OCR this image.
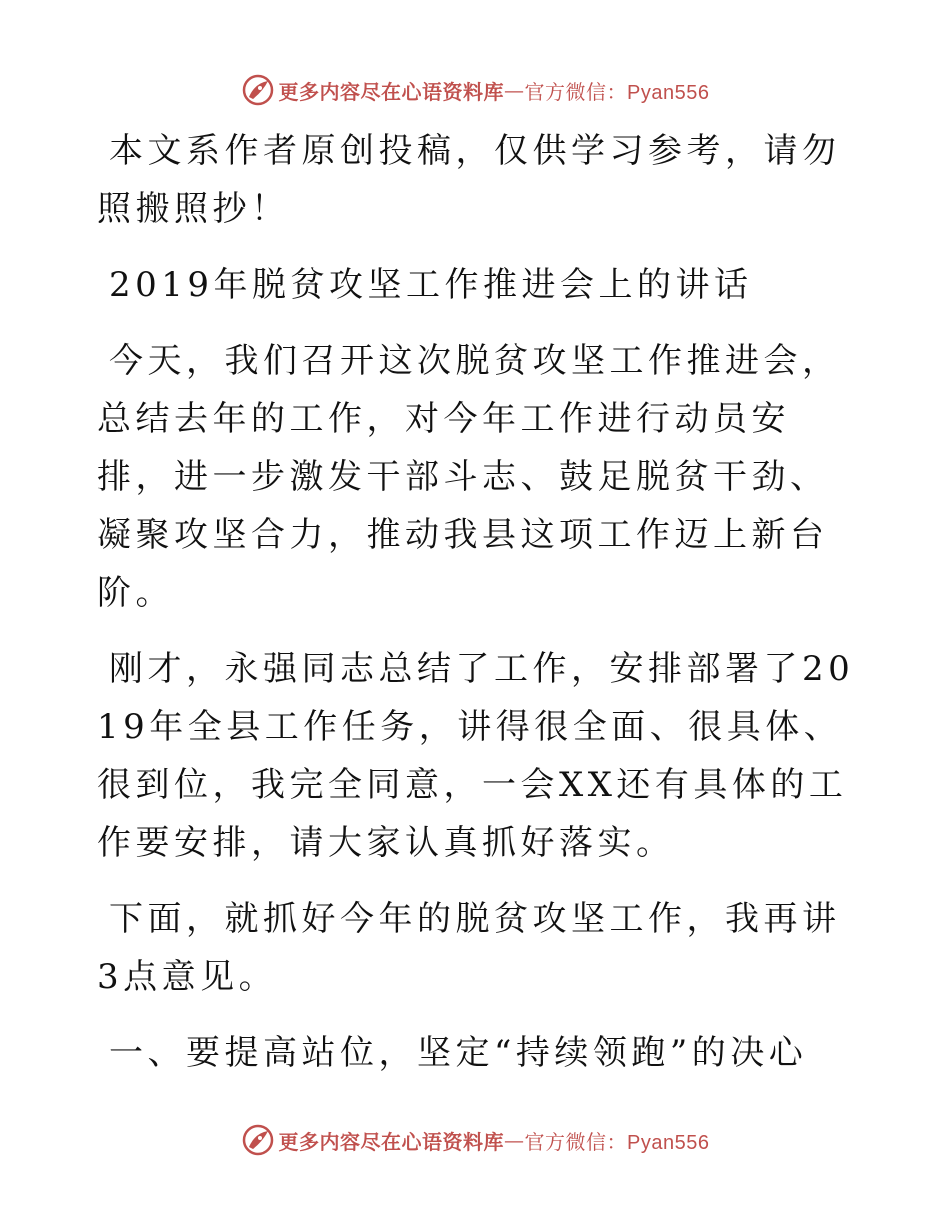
更多内容尽在心语资料库 — 官方微信：Pyan556

本文系作者原创投稿，仅供学习参考，请勿照搬照抄！

2019年脱贫攻坚工作推进会上的讲话

今天，我们召开这次脱贫攻坚工作推进会，总结去年的工作，对今年工作进行动员安排，进一步激发干部斗志、鼓足脱贫干劲、凝聚攻坚合力，推动我县这项工作迈上新台阶。

刚才，永强同志总结了工作，安排部署了2019年全县工作任务，讲得很全面、很具体、很到位，我完全同意，一会XX还有具体的工作要安排，请大家认真抓好落实。

下面，就抓好今年的脱贫攻坚工作，我再讲3点意见。

一、要提高站位，坚定“持续领跑”的决心

更多内容尽在心语资料库 — 官方微信：Pyan556
